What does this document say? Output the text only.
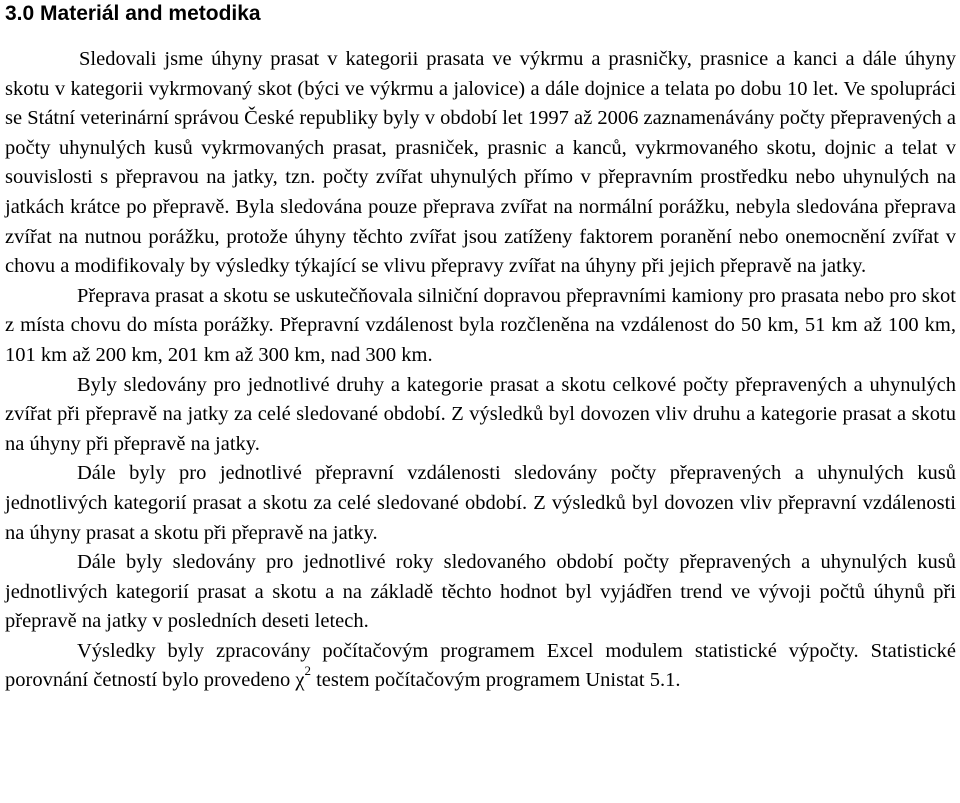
3.0 Materiál and metodika

Sledovali jsme úhyny prasat v kategorii prasata ve výkrmu a prasničky, prasnice a kanci a dále úhyny skotu v kategorii vykrmovaný skot (býci ve výkrmu a jalovice) a dále dojnice a telata po dobu 10 let. Ve spolupráci se Státní veterinární správou České republiky byly v období let 1997 až 2006 zaznamenávány počty přepravených a počty uhynulých kusů vykrmovaných prasat, prasniček, prasnic a kanců, vykrmovaného skotu, dojnic a telat v souvislosti s přepravou na jatky, tzn. počty zvířat uhynulých přímo v přepravním prostředku nebo uhynulých na jatkách krátce po přepravě. Byla sledována pouze přeprava zvířat na normální porážku, nebyla sledována přeprava zvířat na nutnou porážku, protože úhyny těchto zvířat jsou zatíženy faktorem poranění nebo onemocnění zvířat v chovu a modifikovaly by výsledky týkající se vlivu přepravy zvířat na úhyny při jejich přepravě na jatky.

Přeprava prasat a skotu se uskutečňovala silniční dopravou přepravními kamiony pro prasata nebo pro skot z místa chovu do místa porážky. Přepravní vzdálenost byla rozčleněna na vzdálenost do 50 km, 51 km až 100 km, 101 km až 200 km, 201 km až 300 km, nad 300 km.

Byly sledovány pro jednotlivé druhy a kategorie prasat a skotu celkové počty přepravených a uhynulých zvířat při přepravě na jatky za celé sledované období. Z výsledků byl dovozen vliv druhu a kategorie prasat a skotu na úhyny při přepravě na jatky.

Dále byly pro jednotlivé přepravní vzdálenosti sledovány počty přepravených a uhynulých kusů jednotlivých kategorií prasat a skotu za celé sledované období. Z výsledků byl dovozen vliv přepravní vzdálenosti na úhyny prasat a skotu při přepravě na jatky.

Dále byly sledovány pro jednotlivé roky sledovaného období počty přepravených a uhynulých kusů jednotlivých kategorií prasat a skotu a na základě těchto hodnot byl vyjádřen trend ve vývoji počtů úhynů při přepravě na jatky v posledních deseti letech.

Výsledky byly zpracovány počítačovým programem Excel modulem statistické výpočty. Statistické porovnání četností bylo provedeno $\chi^2$ testem počítačovým programem Unistat 5.1.
